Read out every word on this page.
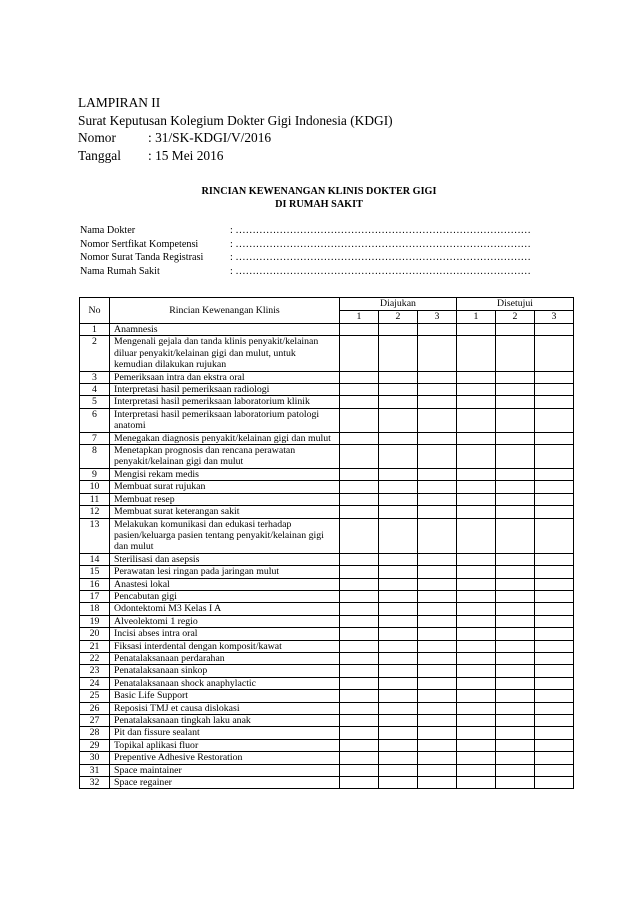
LAMPIRAN II
Surat Keputusan Kolegium Dokter Gigi Indonesia (KDGI)
Nomor	: 31/SK-KDGI/V/2016
Tanggal	: 15 Mei 2016
RINCIAN KEWENANGAN KLINIS DOKTER GIGI
DI RUMAH SAKIT
Nama Dokter	: ……………………………………………………………………………
Nomor Sertfikat Kompetensi	: ……………………………………………………………………………
Nomor Surat Tanda Registrasi	: ……………………………………………………………………………
Nama Rumah Sakit	: ……………………………………………………………………………
No	Rincian Kewenangan Klinis	Diajukan			Disetujui		
		1	2	3	1	2	3
1	Anamnesis						
2	Mengenali gejala dan tanda klinis penyakit/kelainan diluar penyakit/kelainan gigi dan mulut, untuk kemudian dilakukan rujukan						
3	Pemeriksaan intra dan ekstra oral						
4	Interpretasi hasil pemeriksaan radiologi						
5	Interpretasi hasil pemeriksaan laboratorium klinik						
6	Interpretasi hasil pemeriksaan laboratorium patologi anatomi						
7	Menegakan diagnosis penyakit/kelainan gigi dan mulut						
8	Menetapkan prognosis dan rencana perawatan penyakit/kelainan gigi dan mulut						
9	Mengisi rekam medis						
10	Membuat surat rujukan						
11	Membuat resep						
12	Membuat surat keterangan sakit						
13	Melakukan komunikasi dan edukasi terhadap pasien/keluarga pasien tentang penyakit/kelainan gigi dan mulut						
14	Sterilisasi dan asepsis						
15	Perawatan lesi ringan pada jaringan mulut						
16	Anastesi lokal						
17	Pencabutan gigi						
18	Odontektomi M3 Kelas I A						
19	Alveolektomi 1 regio						
20	Incisi abses intra oral						
21	Fiksasi interdental dengan komposit/kawat						
22	Penatalaksanaan perdarahan						
23	Penatalaksanaan sinkop						
24	Penatalaksanaan shock anaphylactic						
25	Basic Life Support						
26	Reposisi TMJ et causa dislokasi						
27	Penatalaksanaan tingkah laku anak						
28	Pit dan fissure sealant						
29	Topikal aplikasi fluor						
30	Prepentive Adhesive Restoration						
31	Space maintainer						
32	Space regainer						
